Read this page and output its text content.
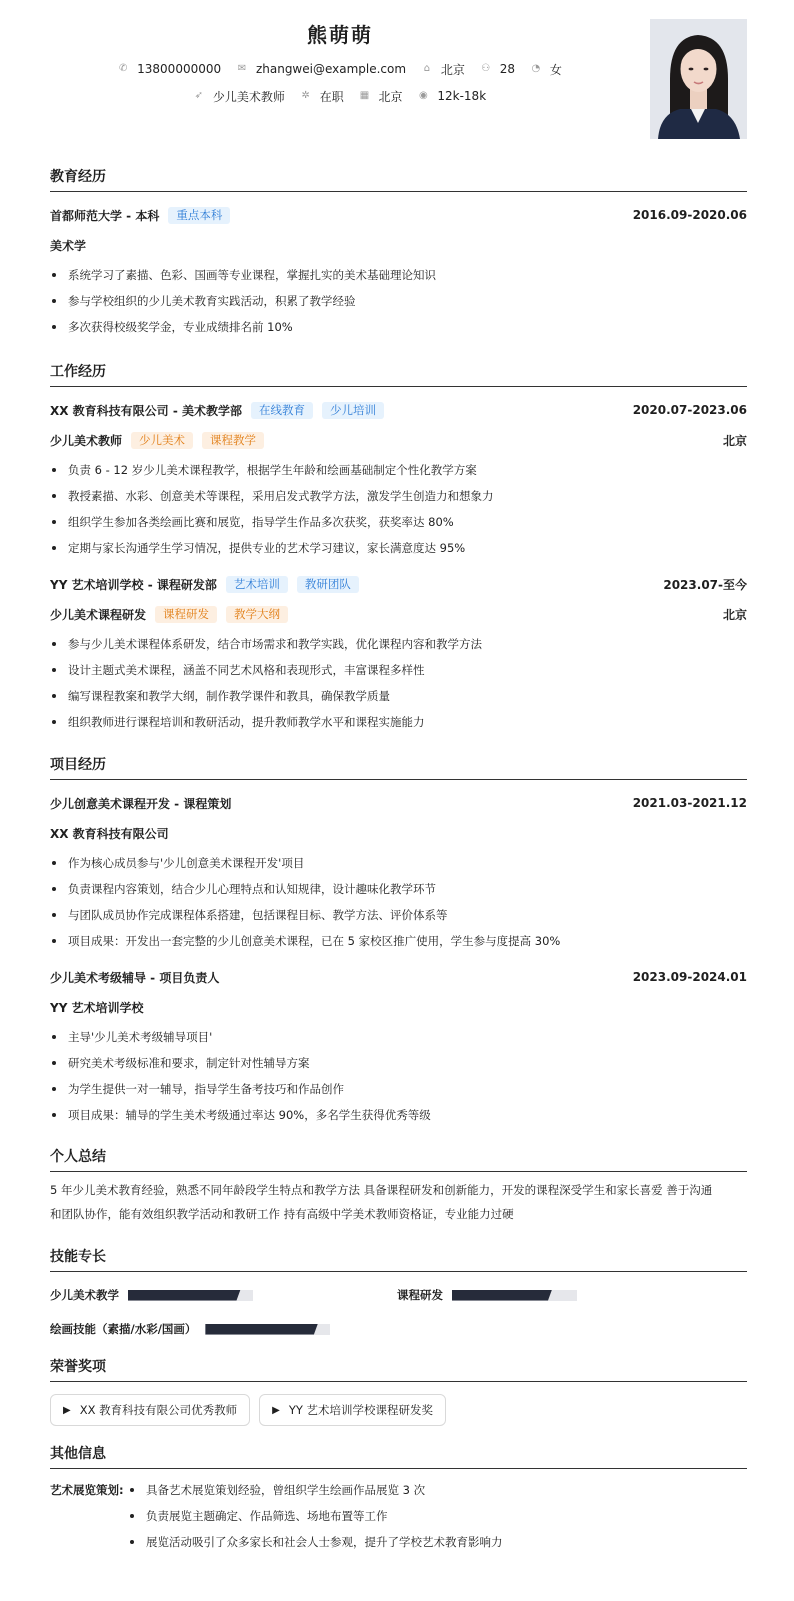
熊萌萌
✆ 13800000000
✉ zhangwei@example.com
⌂ 北京
⚇ 28
◔ 女
➶ 少儿美术教师
✲ 在职
▦ 北京
◉ 12k-18k
教育经历
首都师范大学 - 本科	重点本科	2016.09-2020.06
美术学
系统学习了素描、色彩、国画等专业课程，掌握扎实的美术基础理论知识
参与学校组织的少儿美术教育实践活动，积累了教学经验
多次获得校级奖学金，专业成绩排名前 10%
工作经历
XX 教育科技有限公司 - 美术教学部	在线教育	少儿培训	2020.07-2023.06
少儿美术教师	少儿美术	课程教学	北京
负责 6 - 12 岁少儿美术课程教学，根据学生年龄和绘画基础制定个性化教学方案
教授素描、水彩、创意美术等课程，采用启发式教学方法，激发学生创造力和想象力
组织学生参加各类绘画比赛和展览，指导学生作品多次获奖，获奖率达 80%
定期与家长沟通学生学习情况，提供专业的艺术学习建议，家长满意度达 95%
YY 艺术培训学校 - 课程研发部	艺术培训	教研团队	2023.07-至今
少儿美术课程研发	课程研发	教学大纲	北京
参与少儿美术课程体系研发，结合市场需求和教学实践，优化课程内容和教学方法
设计主题式美术课程，涵盖不同艺术风格和表现形式，丰富课程多样性
编写课程教案和教学大纲，制作教学课件和教具，确保教学质量
组织教师进行课程培训和教研活动，提升教师教学水平和课程实施能力
项目经历
少儿创意美术课程开发 - 课程策划	2021.03-2021.12
XX 教育科技有限公司
作为核心成员参与'少儿创意美术课程开发'项目
负责课程内容策划，结合少儿心理特点和认知规律，设计趣味化教学环节
与团队成员协作完成课程体系搭建，包括课程目标、教学方法、评价体系等
项目成果：开发出一套完整的少儿创意美术课程，已在 5 家校区推广使用，学生参与度提高 30%
少儿美术考级辅导 - 项目负责人	2023.09-2024.01
YY 艺术培训学校
主导'少儿美术考级辅导项目'
研究美术考级标准和要求，制定针对性辅导方案
为学生提供一对一辅导，指导学生备考技巧和作品创作
项目成果：辅导的学生美术考级通过率达 90%，多名学生获得优秀等级
个人总结
5 年少儿美术教育经验，熟悉不同年龄段学生特点和教学方法 具备课程研发和创新能力，开发的课程深受学生和家长喜爱 善于沟通
和团队协作，能有效组织教学活动和教研工作 持有高级中学美术教师资格证，专业能力过硬
技能专长
少儿美术教学	课程研发
绘画技能（素描/水彩/国画）
荣誉奖项
▶ XX 教育科技有限公司优秀教师	▶ YY 艺术培训学校课程研发奖
其他信息
艺术展览策划:	具备艺术展览策划经验，曾组织学生绘画作品展览 3 次
负责展览主题确定、作品筛选、场地布置等工作
展览活动吸引了众多家长和社会人士参观，提升了学校艺术教育影响力
